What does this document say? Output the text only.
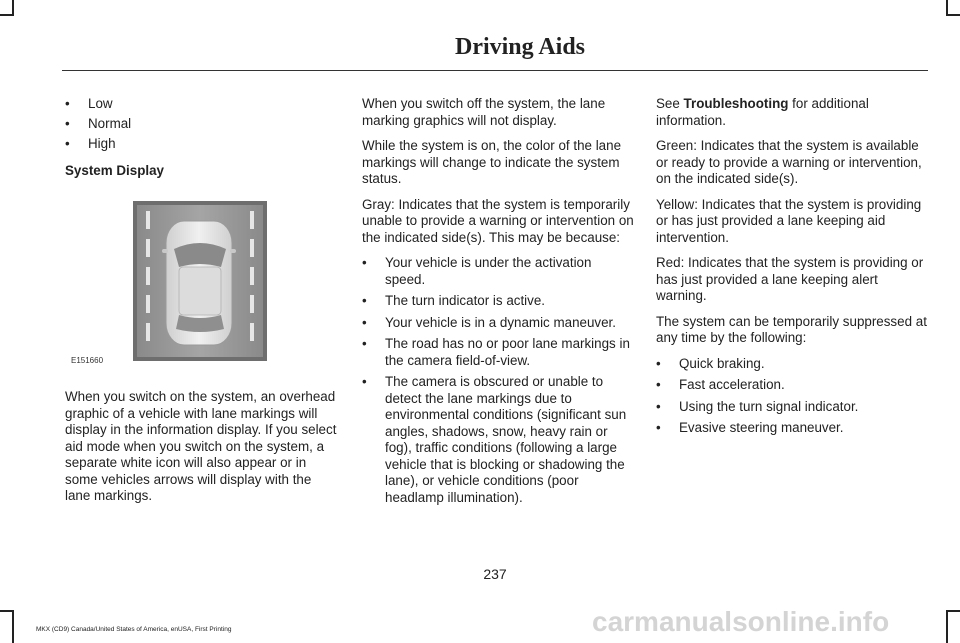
Driving Aids
• Low
• Normal
• High
System Display
E151660

When you switch on the system, an overhead graphic of a vehicle with lane markings will display in the information display. If you select aid mode when you switch on the system, a separate white icon will also appear or in some vehicles arrows will display with the lane markings.

When you switch off the system, the lane marking graphics will not display.

While the system is on, the color of the lane markings will change to indicate the system status.

Gray: Indicates that the system is temporarily unable to provide a warning or intervention on the indicated side(s). This may be because:

• Your vehicle is under the activation speed.
• The turn indicator is active.
• Your vehicle is in a dynamic maneuver.
• The road has no or poor lane markings in the camera field-of-view.
• The camera is obscured or unable to detect the lane markings due to environmental conditions (significant sun angles, shadows, snow, heavy rain or fog), traffic conditions (following a large vehicle that is blocking or shadowing the lane), or vehicle conditions (poor headlamp illumination).

See Troubleshooting for additional information.

Green: Indicates that the system is available or ready to provide a warning or intervention, on the indicated side(s).

Yellow: Indicates that the system is providing or has just provided a lane keeping aid intervention.

Red: Indicates that the system is providing or has just provided a lane keeping alert warning.

The system can be temporarily suppressed at any time by the following:

• Quick braking.
• Fast acceleration.
• Using the turn signal indicator.
• Evasive steering maneuver.
237
MKX (CD9) Canada/United States of America, enUSA, First Printing	carmanualsonline.info
